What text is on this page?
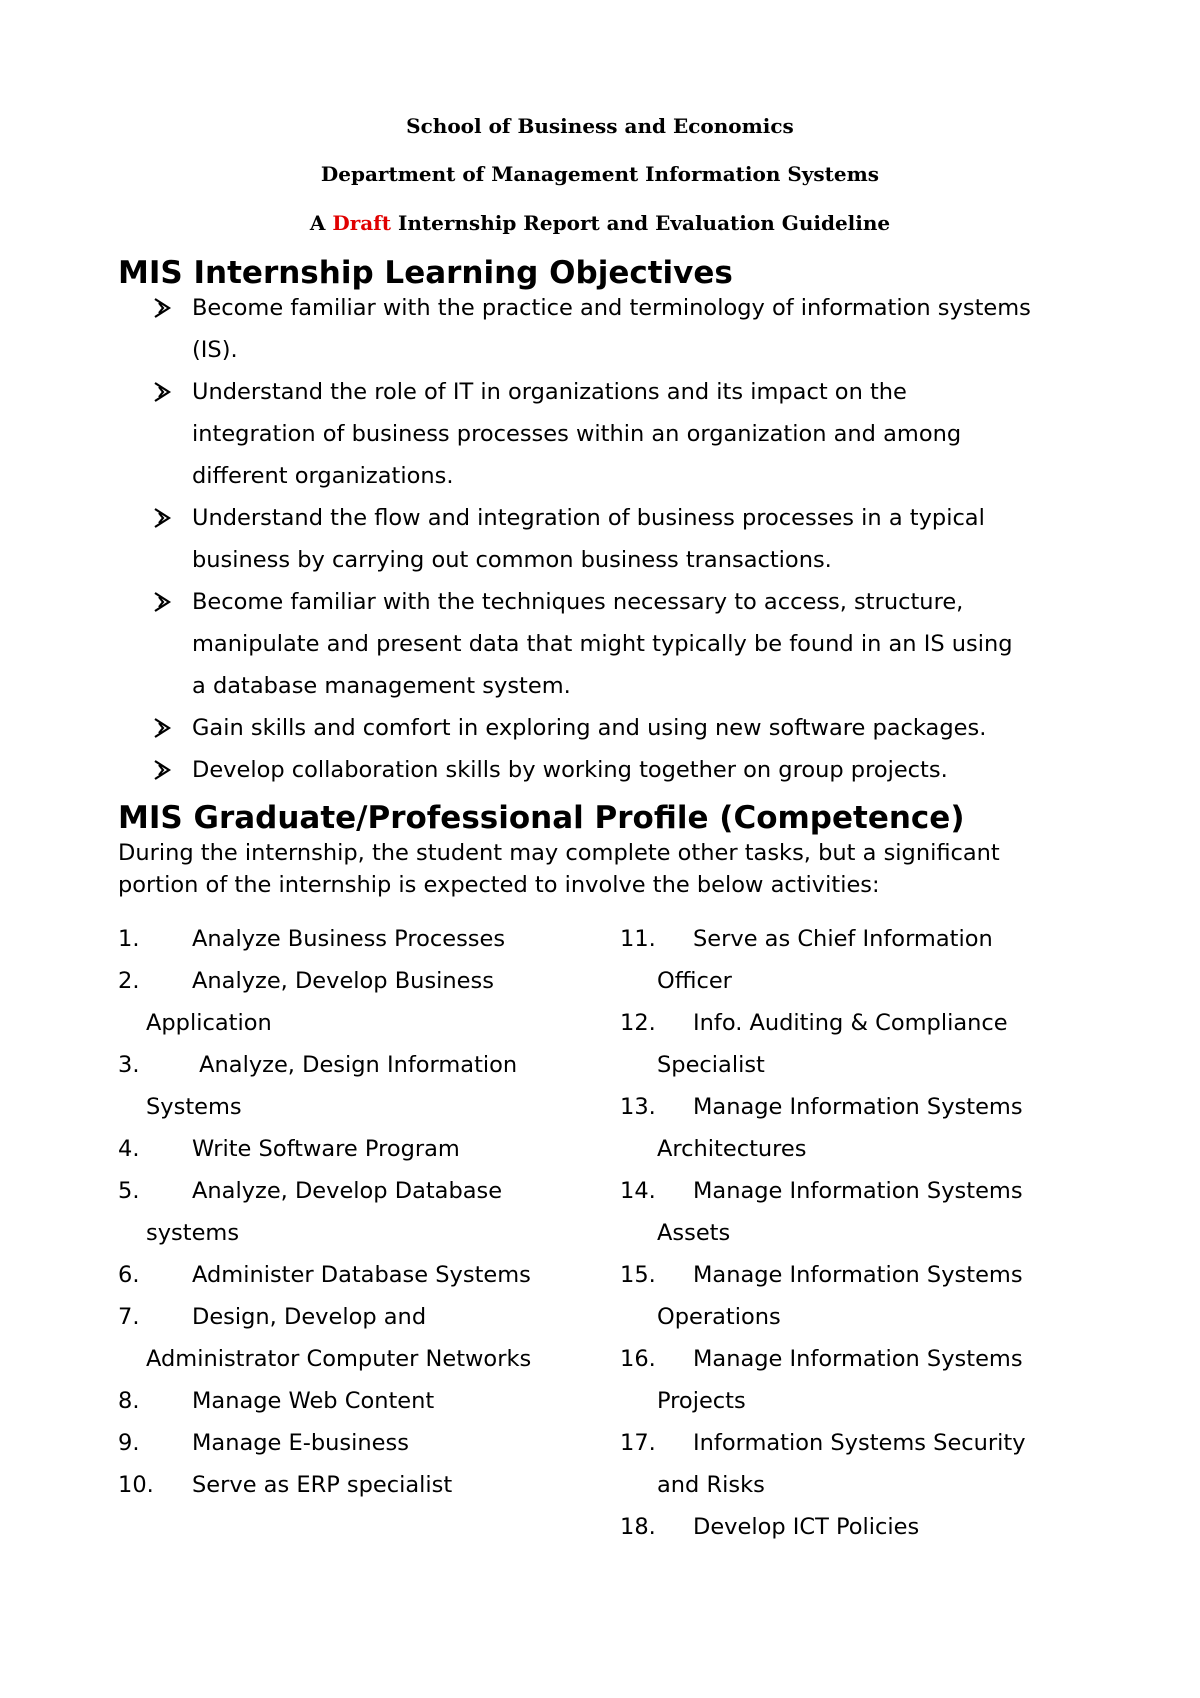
School of Business and Economics
Department of Management Information Systems
A Draft Internship Report and Evaluation Guideline
MIS Internship Learning Objectives
Become familiar with the practice and terminology of information systems
(IS).
Understand the role of IT in organizations and its impact on the
integration of business processes within an organization and among
different organizations.
Understand the flow and integration of business processes in a typical
business by carrying out common business transactions.
Become familiar with the techniques necessary to access, structure,
manipulate and present data that might typically be found in an IS using
a database management system.
Gain skills and comfort in exploring and using new software packages.
Develop collaboration skills by working together on group projects.
MIS Graduate/Professional Profile (Competence)
During the internship, the student may complete other tasks, but a significant
portion of the internship is expected to involve the below activities:
1. Analyze Business Processes
2. Analyze, Develop Business
Application
3. Analyze, Design Information
Systems
4. Write Software Program
5. Analyze, Develop Database
systems
6. Administer Database Systems
7. Design, Develop and
Administrator Computer Networks
8. Manage Web Content
9. Manage E-business
10. Serve as ERP specialist
11. Serve as Chief Information
Officer
12. Info. Auditing & Compliance
Specialist
13. Manage Information Systems
Architectures
14. Manage Information Systems
Assets
15. Manage Information Systems
Operations
16. Manage Information Systems
Projects
17. Information Systems Security
and Risks
18. Develop ICT Policies
